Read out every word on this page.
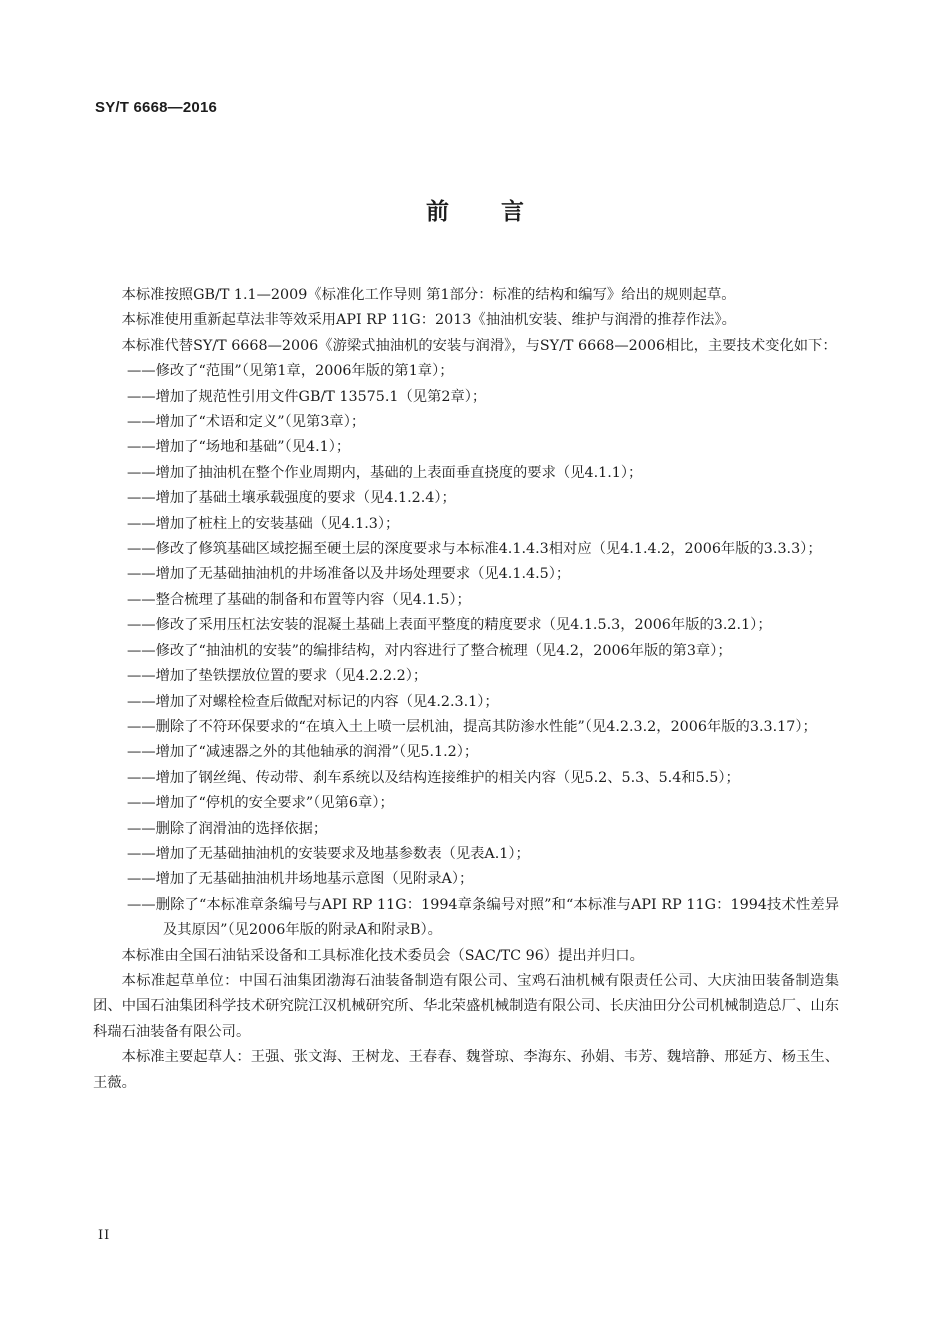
SY/T 6668—2016
前 言

本标准按照GB/T 1.1—2009《标准化工作导则 第1部分：标准的结构和编写》给出的规则起草。

本标准使用重新起草法非等效采用API RP 11G：2013《抽油机安装、维护与润滑的推荐作法》。

本标准代替SY/T 6668—2006《游梁式抽油机的安装与润滑》，与SY/T 6668—2006相比，主要技术变化如下：

——修改了“范围”（见第1章，2006年版的第1章）；

——增加了规范性引用文件GB/T 13575.1（见第2章）；

——增加了“术语和定义”（见第3章）；

——增加了“场地和基础”（见4.1）；

——增加了抽油机在整个作业周期内，基础的上表面垂直挠度的要求（见4.1.1）；

——增加了基础土壤承载强度的要求（见4.1.2.4）；

——增加了桩柱上的安装基础（见4.1.3）；

——修改了修筑基础区域挖掘至硬土层的深度要求与本标准4.1.4.3相对应（见4.1.4.2，2006年版的3.3.3）；

——增加了无基础抽油机的井场准备以及井场处理要求（见4.1.4.5）；

——整合梳理了基础的制备和布置等内容（见4.1.5）；

——修改了采用压杠法安装的混凝土基础上表面平整度的精度要求（见4.1.5.3，2006年版的3.2.1）；

——修改了“抽油机的安装”的编排结构，对内容进行了整合梳理（见4.2，2006年版的第3章）；

——增加了垫铁摆放位置的要求（见4.2.2.2）；

——增加了对螺栓检查后做配对标记的内容（见4.2.3.1）；

——删除了不符环保要求的“在填入土上喷一层机油，提高其防渗水性能”（见4.2.3.2，2006年版的3.3.17）；

——增加了“减速器之外的其他轴承的润滑”（见5.1.2）；

——增加了钢丝绳、传动带、刹车系统以及结构连接维护的相关内容（见5.2、5.3、5.4和5.5）；

——增加了“停机的安全要求”（见第6章）；

——删除了润滑油的选择依据；

——增加了无基础抽油机的安装要求及地基参数表（见表A.1）；

——增加了无基础抽油机井场地基示意图（见附录A）；

——删除了“本标准章条编号与API RP 11G：1994章条编号对照”和“本标准与API RP 11G：1994技术性差异及其原因”（见2006年版的附录A和附录B）。

本标准由全国石油钻采设备和工具标准化技术委员会（SAC/TC 96）提出并归口。

本标准起草单位：中国石油集团渤海石油装备制造有限公司、宝鸡石油机械有限责任公司、大庆油田装备制造集团、中国石油集团科学技术研究院江汉机械研究所、华北荣盛机械制造有限公司、长庆油田分公司机械制造总厂、山东科瑞石油装备有限公司。

本标准主要起草人：王强、张文海、王树龙、王春春、魏誉琼、李海东、孙娟、韦芳、魏培静、邢延方、杨玉生、王薇。

II
